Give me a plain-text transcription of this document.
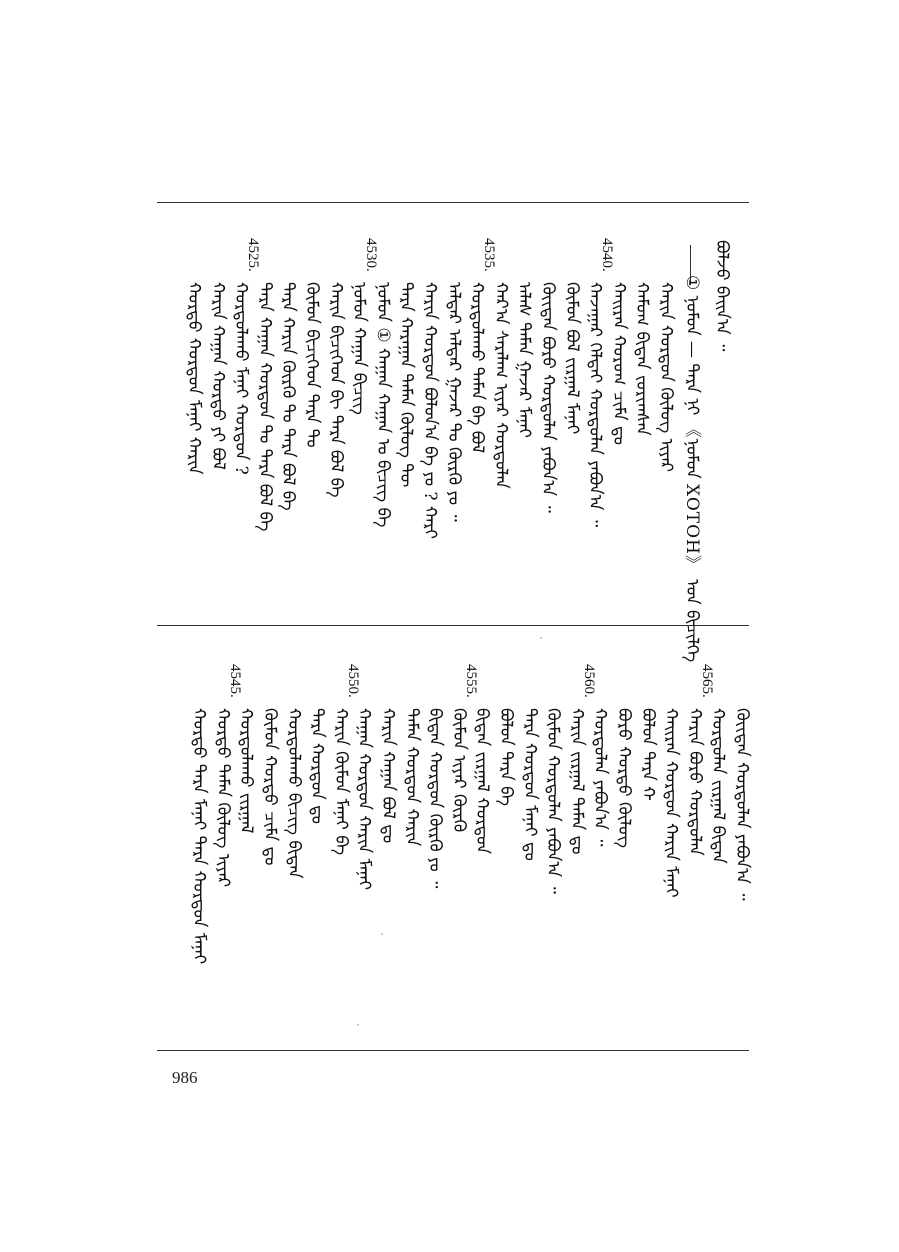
986
ᠪᠣᠯᠵᠤ ᠪᠠᠢᠨ᠎ᠠ ᠃
① ᠨᠣᠮᠤᠨ — ᠲᠡᠷᠡ ᠨᠢ 《ᠨᠣᠮᠤᠨ XOTOH》 ᠤᠨ ᠪᠢᠴᠢᠯᠭᠡ
ᠬᠠᠷᠢᠨ ᠬᠤᠷᠳᠤᠨ ᠬᠦᠯᠦᠭ ᠢᠶᠡᠷ
ᠬᠠᠮᠤᠭ ᠪᠢᠳᠡᠨ ᠵᠣᠷᠢᠭᠰᠠᠨ
ᠬᠠᠢᠷᠠᠨ ᠬᠤᠷᠤᠭ ᠴᠢᠮᠡ ᠳᠤ
4540.
ᠬᠠᠵᠠᠭᠠᠷ ᠬᠡᠯᠲᠡᠢ ᠬᠤᠷᠳᠤᠯᠠᠨ ᠶᠠᠪᠤᠨ᠎ᠠ ᠃
ᠬᠦᠮᠦᠨ ᠪᠣᠯ ᠵᠢᠷᠭᠠᠯ ᠮᠠᠨᠠᠢ
ᠬᠦᠢᠲᠡᠨ ᠪᠣᠷᠤ ᠬᠤᠷᠳᠤᠯᠠᠨ ᠶᠠᠪᠤᠨ᠎ᠠ ᠃
ᠠᠯᠠᠰ ᠲᠡᠮᠡᠨ ᠭᠠᠵᠠᠷ ᠮᠠᠨᠠᠢ
ᠬᠠᠷ᠎ᠠ ᠰᠠᠷᠠᠯᠠᠭ ᠢᠶᠡᠷ ᠬᠤᠷᠳᠤᠯᠠᠨ
4535.
ᠬᠤᠷᠳᠤᠯᠠᠬᠤ ᠲᠡᠮᠡᠨ ᠪᠠ ᠪᠣᠯ
ᠠᠯᠳᠠᠷ ᠠᠯᠳᠠᠷ ᠭᠠᠵᠠᠷ ᠲᠤ ᠬᠦᠷᠬᠦ ᠶᠤ ᠃
ᠬᠠᠷᠢᠨ ᠬᠤᠷᠳᠤᠨ ᠪᠣᠯᠤᠨ᠎ᠠ ᠪᠠ ᠶᠤ ? ᠬᠠᠷᠢ
ᠲᠡᠷᠡ ᠬᠠᠷᠠᠭᠠᠨ ᠲᠡᠮᠡᠨ ᠬᠦᠯᠦᠭ ᠲᠦ
ᠨᠣᠮᠤᠨ ① ᠬᠠᠭᠠᠨ ᠬᠠᠭᠠᠨ ᠤ ᠪᠢᠴᠢᠭ ᠪᠠ
4530.
ᠨᠣᠮᠤᠨ ᠬᠠᠭᠠᠨ ᠪᠢᠴᠢᠭ
ᠬᠠᠷᠢᠨ ᠪᠢᠴᠢᠭᠡᠳ ᠪᠢ ᠲᠡᠷᠡ ᠪᠣᠯ ᠪᠠ
ᠬᠦᠮᠦᠨ ᠪᠢᠴᠢᠭᠡᠳ ᠲᠡᠷᠡ ᠲᠤ
ᠲᠡᠷᠡ ᠬᠠᠷᠢᠨ ᠬᠦᠷᠬᠦ ᠲᠤ ᠲᠡᠷᠡ ᠪᠣᠯ ᠪᠠ
ᠲᠡᠷᠡ ᠬᠠᠭᠠᠨ ᠬᠤᠷᠳᠤᠨ ᠲᠤ ᠲᠡᠷᠡ ᠪᠣᠯ ᠪᠠ
4525.
ᠬᠤᠷᠳᠤᠯᠠᠬᠤ ᠮᠠᠨᠠᠢ ᠬᠤᠷᠳᠤᠨ ?
ᠬᠠᠷᠢᠨ ᠬᠠᠭᠠᠨ ᠬᠤᠷᠳᠤ ᠶᠢ ᠪᠣᠯ
ᠬᠤᠷᠳᠤ ᠬᠤᠷᠳᠤᠨ ᠮᠠᠨᠠᠢ ᠬᠠᠷᠢᠨ
ᠬᠦᠢᠲᠡᠨ ᠬᠤᠷᠳᠤᠯᠠᠨ ᠶᠠᠪᠤᠨ᠎ᠠ ᠃
ᠬᠤᠷᠳᠤᠯᠠᠨ ᠵᠢᠷᠭᠠᠯ ᠪᠢᠳᠡᠨ
4565.
ᠬᠠᠷᠢᠨ ᠪᠣᠷᠤ ᠬᠤᠷᠳᠤᠯᠠᠨ
ᠬᠠᠢᠷᠠᠨ ᠬᠤᠷᠳᠤᠨ ᠬᠠᠷᠢᠨ ᠮᠠᠨᠠᠢ
ᠪᠣᠯᠤᠨ ᠲᠡᠷᠡ ᠬ
ᠪᠣᠷᠤ ᠬᠤᠷᠳᠤ ᠬᠦᠯᠦᠭ
ᠬᠤᠷᠳᠤᠯᠠᠨ ᠶᠠᠪᠤᠨ᠎ᠠ ᠃
4560.
ᠬᠠᠷᠢᠨ ᠵᠢᠷᠭᠠᠯ ᠲᠡᠮᠡᠨ ᠳᠤ
ᠬᠦᠮᠦᠨ ᠬᠤᠷᠳᠤᠯᠠᠨ ᠶᠠᠪᠤᠨ᠎ᠠ ᠃
ᠲᠡᠷᠡ ᠬᠤᠷᠳᠤᠨ ᠮᠠᠨᠠᠢ ᠳᠤ
ᠪᠣᠯᠤᠨ ᠲᠡᠷᠡ ᠪᠠ
ᠪᠢᠳᠡᠨ ᠵᠢᠷᠭᠠᠯ ᠬᠤᠷᠳᠤᠨ
4555.
ᠬᠦᠮᠦᠨ ᠢᠶᠡᠷ ᠬᠦᠷᠬᠦ
ᠪᠢᠳᠡᠨ ᠬᠤᠷᠳᠤᠨ ᠬᠦᠷᠬᠦ ᠶᠤ ᠃
ᠲᠡᠮᠡᠨ ᠬᠤᠷᠳᠤᠨ ᠬᠠᠷᠢᠨ
ᠬᠠᠷᠢᠨ ᠬᠠᠭᠠᠨ ᠪᠣᠯ ᠳᠤ
ᠬᠠᠭᠠᠨ ᠬᠤᠷᠳᠤᠨ ᠬᠠᠷᠢᠨ ᠮᠠᠨᠠᠢ
4550.
ᠬᠠᠷᠢᠨ ᠬᠦᠮᠦᠨ ᠮᠠᠨᠠᠢ ᠪᠠ
ᠲᠡᠷᠡ ᠬᠤᠷᠳᠤᠨ ᠳᠤ
ᠬᠤᠷᠳᠤᠯᠠᠬᠤ ᠪᠢᠴᠢᠭ ᠪᠢᠳᠡᠨ
ᠬᠦᠮᠦᠨ ᠬᠤᠷᠳᠤ ᠴᠢᠮᠡ ᠳᠤ
ᠬᠤᠷᠳᠤᠯᠠᠬᠤ ᠵᠢᠷᠭᠠᠯ
4545.
ᠬᠤᠷᠳᠤ ᠲᠡᠮᠡᠨ ᠬᠦᠯᠦᠭ ᠢᠶᠡᠷ
ᠬᠤᠷᠳᠤ ᠲᠡᠷᠡ ᠮᠠᠨᠠᠢ ᠲᠡᠷᠡ ᠬᠤᠷᠳᠤᠨ ᠮᠠᠨᠠᠢ
